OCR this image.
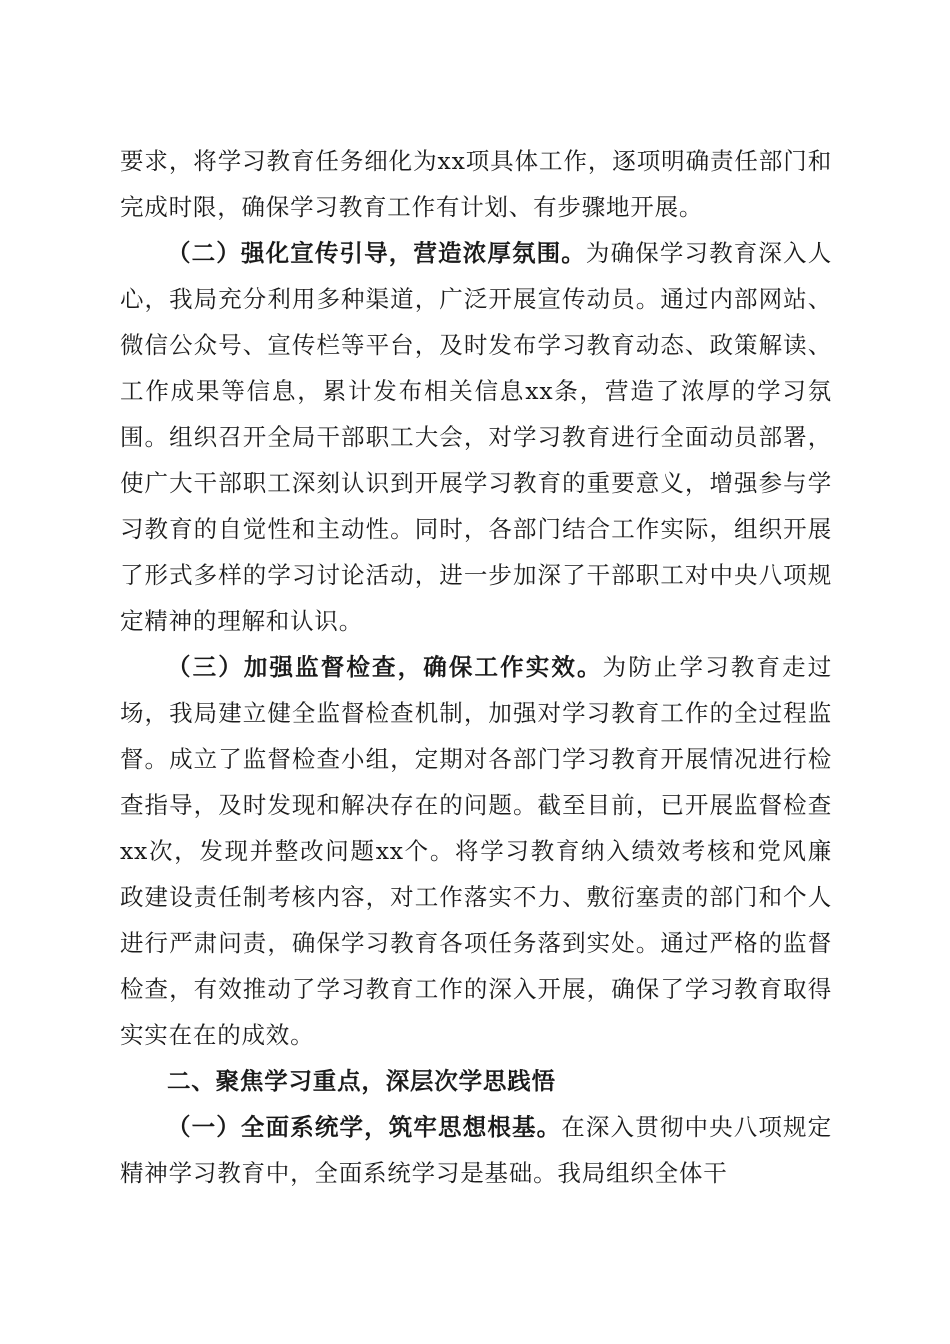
要求，将学习教育任务细化为xx项具体工作，逐项明确责任部门和完成时限，确保学习教育工作有计划、有步骤地开展。

（二）强化宣传引导，营造浓厚氛围。为确保学习教育深入人心，我局充分利用多种渠道，广泛开展宣传动员。通过内部网站、微信公众号、宣传栏等平台，及时发布学习教育动态、政策解读、工作成果等信息，累计发布相关信息xx条，营造了浓厚的学习氛围。组织召开全局干部职工大会，对学习教育进行全面动员部署，使广大干部职工深刻认识到开展学习教育的重要意义，增强参与学习教育的自觉性和主动性。同时，各部门结合工作实际，组织开展了形式多样的学习讨论活动，进一步加深了干部职工对中央八项规定精神的理解和认识。

（三）加强监督检查，确保工作实效。为防止学习教育走过场，我局建立健全监督检查机制，加强对学习教育工作的全过程监督。成立了监督检查小组，定期对各部门学习教育开展情况进行检查指导，及时发现和解决存在的问题。截至目前，已开展监督检查xx次，发现并整改问题xx个。将学习教育纳入绩效考核和党风廉政建设责任制考核内容，对工作落实不力、敷衍塞责的部门和个人进行严肃问责，确保学习教育各项任务落到实处。通过严格的监督检查，有效推动了学习教育工作的深入开展，确保了学习教育取得实实在在的成效。

二、聚焦学习重点，深层次学思践悟

（一）全面系统学，筑牢思想根基。在深入贯彻中央八项规定精神学习教育中，全面系统学习是基础。我局组织全体干
